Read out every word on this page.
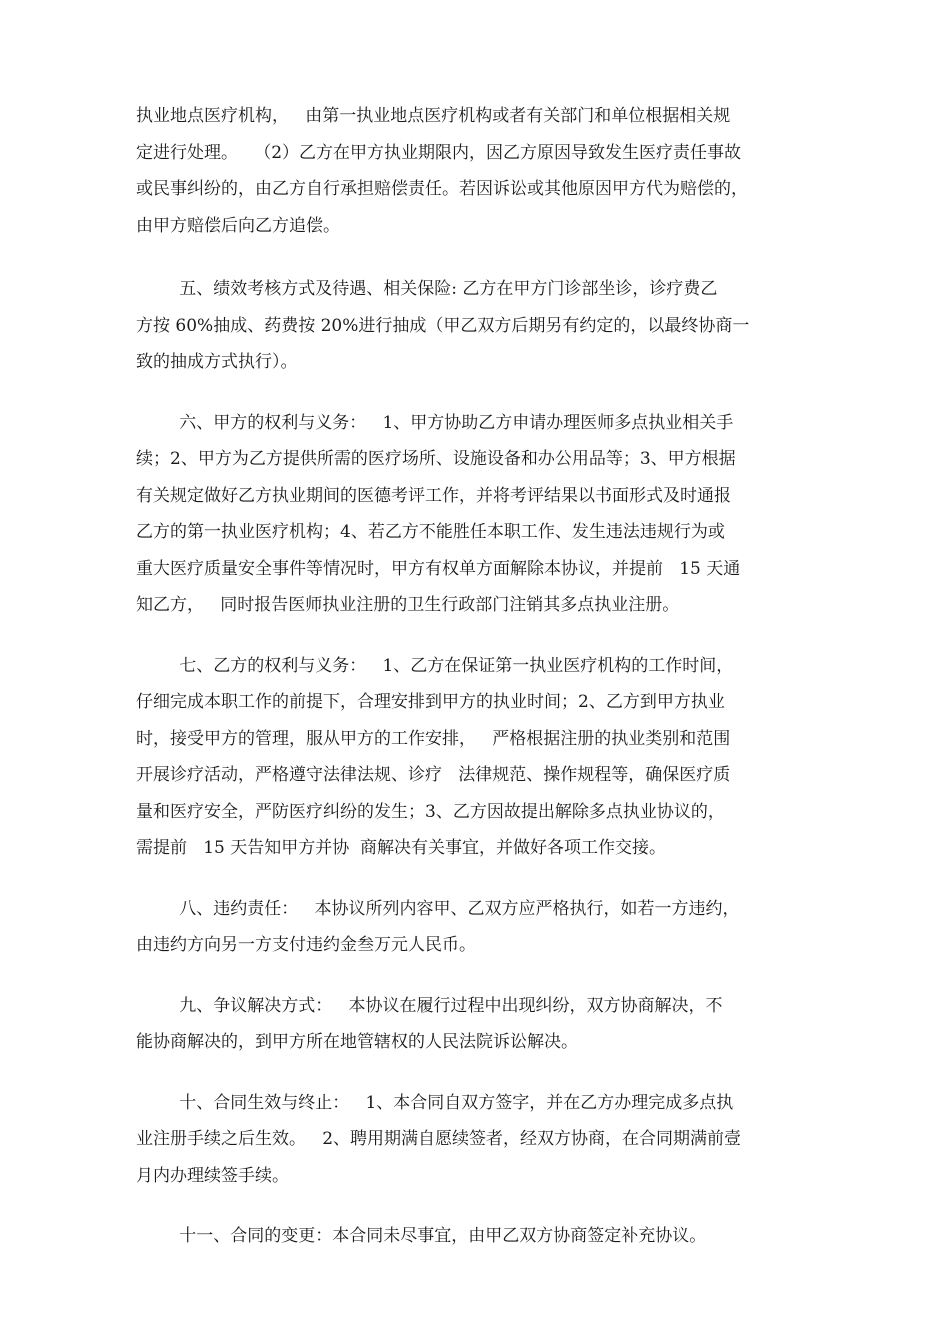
执业地点医疗机构，   由第一执业地点医疗机构或者有关部门和单位根据相关规
定进行处理。   （2）乙方在甲方执业期限内，因乙方原因导致发生医疗责任事故
或民事纠纷的，由乙方自行承担赔偿责任。若因诉讼或其他原因甲方代为赔偿的，
由甲方赔偿后向乙方追偿。
五、绩效考核方式及待遇、相关保险: 乙方在甲方门诊部坐诊，诊疗费乙
方按 60%抽成、药费按 20%进行抽成（甲乙双方后期另有约定的，以最终协商一
致的抽成方式执行）。
六、甲方的权利与义务：   1、甲方协助乙方申请办理医师多点执业相关手
续；2、甲方为乙方提供所需的医疗场所、设施设备和办公用品等；3、甲方根据
有关规定做好乙方执业期间的医德考评工作，并将考评结果以书面形式及时通报
乙方的第一执业医疗机构；4、若乙方不能胜任本职工作、发生违法违规行为或
重大医疗质量安全事件等情况时，甲方有权单方面解除本协议，并提前   15 天通
知乙方，   同时报告医师执业注册的卫生行政部门注销其多点执业注册。
七、乙方的权利与义务：   1、乙方在保证第一执业医疗机构的工作时间，
仔细完成本职工作的前提下，合理安排到甲方的执业时间；2、乙方到甲方执业
时，接受甲方的管理，服从甲方的工作安排，   严格根据注册的执业类别和范围
开展诊疗活动，严格遵守法律法规、诊疗   法律规范、操作规程等，确保医疗质
量和医疗安全，严防医疗纠纷的发生；3、乙方因故提出解除多点执业协议的，
需提前   15 天告知甲方并协  商解决有关事宜，并做好各项工作交接。
八、违约责任：   本协议所列内容甲、乙双方应严格执行，如若一方违约，
由违约方向另一方支付违约金叁万元人民币。
九、争议解决方式：   本协议在履行过程中出现纠纷，双方协商解决，不
能协商解决的，到甲方所在地管辖权的人民法院诉讼解决。
十、合同生效与终止：   1、本合同自双方签字，并在乙方办理完成多点执
业注册手续之后生效。   2、聘用期满自愿续签者，经双方协商，在合同期满前壹
月内办理续签手续。
十一、合同的变更：本合同未尽事宜，由甲乙双方协商签定补充协议。
